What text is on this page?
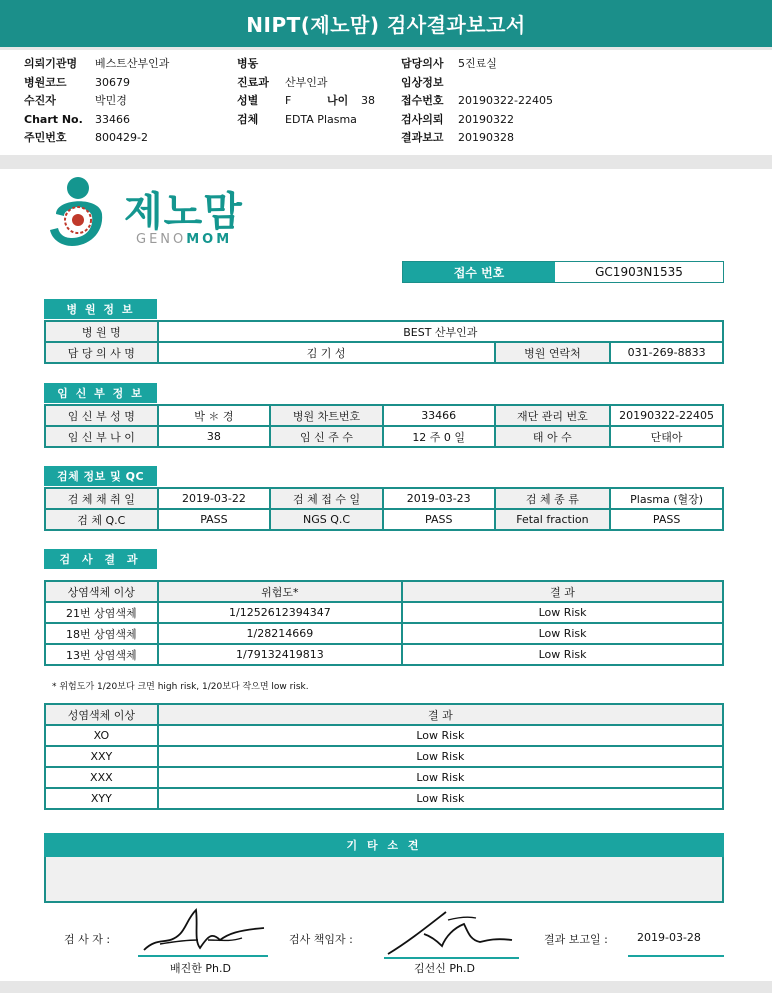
NIPT(제노맘) 검사결과보고서
의뢰기관명 베스트산부인과
병원코드	30679
수진자	박민경
Chart No. 33466
주민번호	800429-2
병동
진료과 산부인과
성별 F	나이 38
검체 EDTA Plasma
담당의사 5진료실
임상정보
접수번호 20190322-22405
검사의뢰 20190322
결과보고 20190328
제노맘
GENOMOM
접수 번호	GC1903N1535
병 원 정 보
병 원 명	BEST 산부인과		
담 당 의 사 명	김 기 성	병원 연락처	031-269-8833
임 신 부 정 보
임 신 부 성 명	박 ＊ 경	병원 차트번호	33466	재단 관리 번호	20190322-22405
임 신 부 나 이	38	임 신 주 수	12 주 0 일	태 아 수	단태아
검체 정보 및 QC
검 체 채 취 일	2019-03-22	검 체 접 수 일	2019-03-23	검 체 종 류	Plasma (혈장)
검 체 Q.C	PASS	NGS Q.C	PASS	Fetal fraction	PASS
검 사 결 과
상염색체 이상	위험도*	결 과
21번 상염색체	1/1252612394347	Low Risk
18번 상염색체	1/28214669	Low Risk
13번 상염색체	1/79132419813	Low Risk
* 위험도가 1/20보다 크면 high risk, 1/20보다 작으면 low risk.
성염색체 이상	결 과
XO	Low Risk
XXY	Low Risk
XXX	Low Risk
XYY	Low Risk
기 타 소 견
검 사 자 :
배진한 Ph.D
검사 책임자 :
김선신 Ph.D
결과 보고일 :	2019-03-28
